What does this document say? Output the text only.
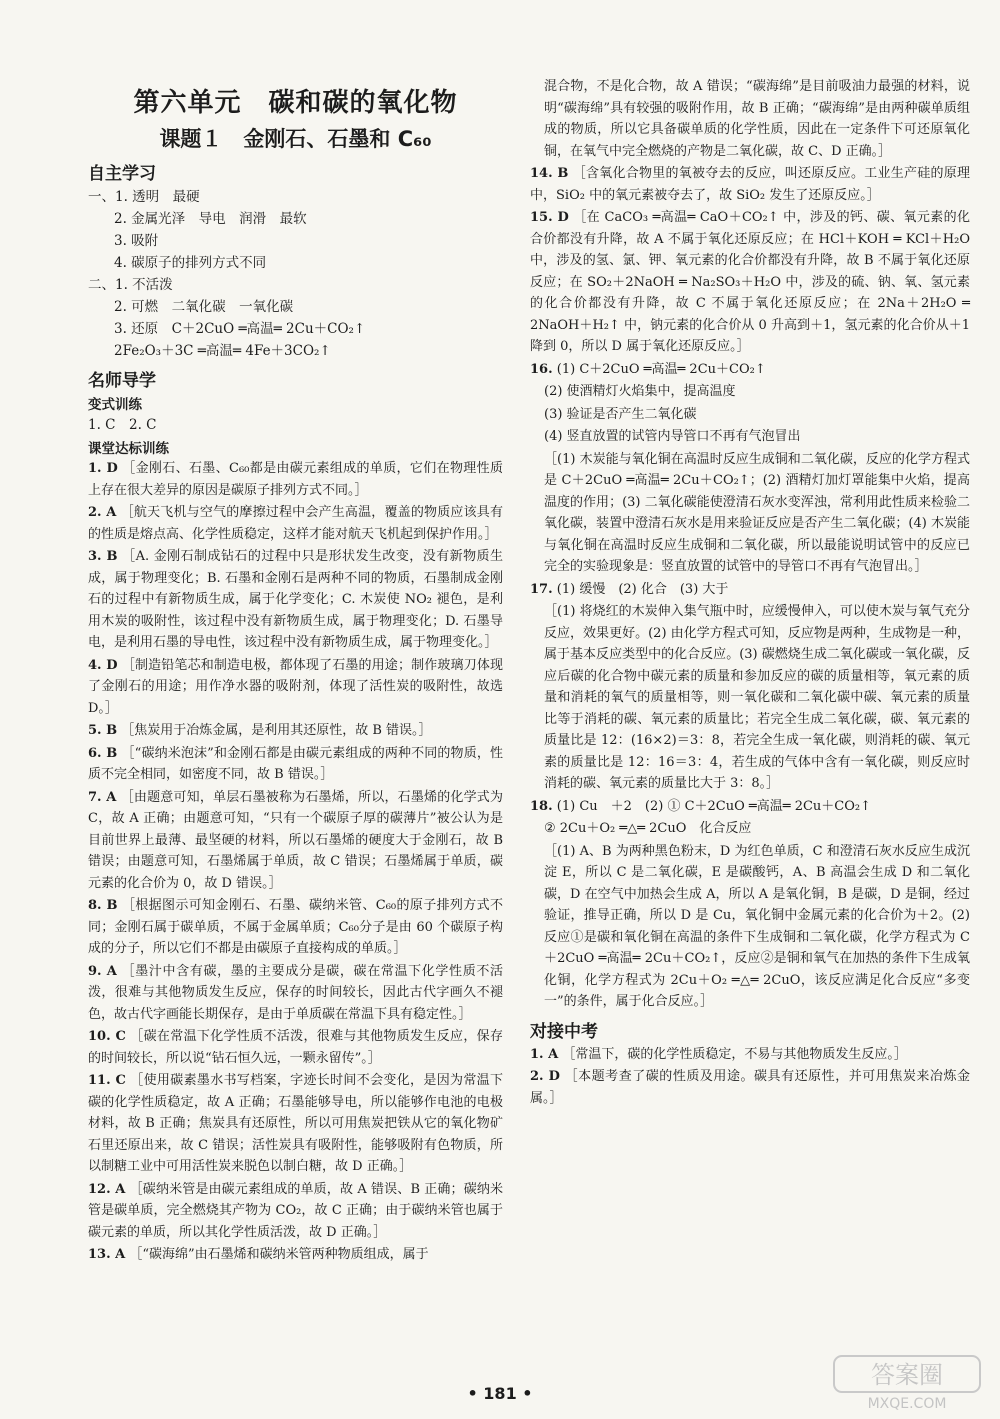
第六单元　碳和碳的氧化物
课题１　金刚石、石墨和 C₆₀
自主学习

一、1. 透明　最硬

2. 金属光泽　导电　润滑　最软

3. 吸附

4. 碳原子的排列方式不同

二、1. 不活泼

2. 可燃　二氧化碳　一氧化碳

3. 还原　C＋2CuO ═高温═ 2Cu＋CO₂↑

2Fe₂O₃＋3C ═高温═ 4Fe＋3CO₂↑

名师导学
变式训练

1. C　2. C

课堂达标训练

1. D ［金刚石、石墨、C₆₀都是由碳元素组成的单质，它们在物理性质上存在很大差异的原因是碳原子排列方式不同。］

2. A ［航天飞机与空气的摩擦过程中会产生高温，覆盖的物质应该具有的性质是熔点高、化学性质稳定，这样才能对航天飞机起到保护作用。］

3. B ［A. 金刚石制成钻石的过程中只是形状发生改变，没有新物质生成，属于物理变化；B. 石墨和金刚石是两种不同的物质，石墨制成金刚石的过程中有新物质生成，属于化学变化；C. 木炭使 NO₂ 褪色，是利用木炭的吸附性，该过程中没有新物质生成，属于物理变化；D. 石墨导电，是利用石墨的导电性，该过程中没有新物质生成，属于物理变化。］

4. D ［制造铅笔芯和制造电极，都体现了石墨的用途；制作玻璃刀体现了金刚石的用途；用作净水器的吸附剂，体现了活性炭的吸附性，故选 D。］

5. B ［焦炭用于冶炼金属，是利用其还原性，故 B 错误。］

6. B ［“碳纳米泡沫”和金刚石都是由碳元素组成的两种不同的物质，性质不完全相同，如密度不同，故 B 错误。］

7. A ［由题意可知，单层石墨被称为石墨烯，所以，石墨烯的化学式为 C，故 A 正确；由题意可知，“只有一个碳原子厚的碳薄片”被公认为是目前世界上最薄、最坚硬的材料，所以石墨烯的硬度大于金刚石，故 B 错误；由题意可知，石墨烯属于单质，故 C 错误；石墨烯属于单质，碳元素的化合价为 0，故 D 错误。］

8. B ［根据图示可知金刚石、石墨、碳纳米管、C₆₀的原子排列方式不同；金刚石属于碳单质，不属于金属单质；C₆₀分子是由 60 个碳原子构成的分子，所以它们不都是由碳原子直接构成的单质。］

9. A ［墨汁中含有碳，墨的主要成分是碳，碳在常温下化学性质不活泼，很难与其他物质发生反应，保存的时间较长，因此古代字画久不褪色，故古代字画能长期保存，是由于单质碳在常温下具有稳定性。］

10. C ［碳在常温下化学性质不活泼，很难与其他物质发生反应，保存的时间较长，所以说“钻石恒久远，一颗永留传”。］

11. C ［使用碳素墨水书写档案，字迹长时间不会变化，是因为常温下碳的化学性质稳定，故 A 正确；石墨能够导电，所以能够作电池的电极材料，故 B 正确；焦炭具有还原性，所以可用焦炭把铁从它的氧化物矿石里还原出来，故 C 错误；活性炭具有吸附性，能够吸附有色物质，所以制糖工业中可用活性炭来脱色以制白糖，故 D 正确。］

12. A ［碳纳米管是由碳元素组成的单质，故 A 错误、B 正确；碳纳米管是碳单质，完全燃烧其产物为 CO₂，故 C 正确；由于碳纳米管也属于碳元素的单质，所以其化学性质活泼，故 D 正确。］

13. A ［“碳海绵”由石墨烯和碳纳米管两种物质组成，属于

混合物，不是化合物，故 A 错误；“碳海绵”是目前吸油力最强的材料，说明“碳海绵”具有较强的吸附作用，故 B 正确；“碳海绵”是由两种碳单质组成的物质，所以它具备碳单质的化学性质，因此在一定条件下可还原氧化铜，在氧气中完全燃烧的产物是二氧化碳，故 C、D 正确。］

14. B ［含氧化合物里的氧被夺去的反应，叫还原反应。工业生产硅的原理中，SiO₂ 中的氧元素被夺去了，故 SiO₂ 发生了还原反应。］

15. D ［在 CaCO₃ ═高温═ CaO＋CO₂↑ 中，涉及的钙、碳、氧元素的化合价都没有升降，故 A 不属于氧化还原反应；在 HCl＋KOH ═ KCl＋H₂O 中，涉及的氢、氯、钾、氧元素的化合价都没有升降，故 B 不属于氧化还原反应；在 SO₂＋2NaOH ═ Na₂SO₃＋H₂O 中，涉及的硫、钠、氧、氢元素的化合价都没有升降，故 C 不属于氧化还原反应；在 2Na＋2H₂O ═ 2NaOH＋H₂↑ 中，钠元素的化合价从 0 升高到＋1，氢元素的化合价从＋1 降到 0，所以 D 属于氧化还原反应。］

16. (1) C＋2CuO ═高温═ 2Cu＋CO₂↑

(2) 使酒精灯火焰集中，提高温度

(3) 验证是否产生二氧化碳

(4) 竖直放置的试管内导管口不再有气泡冒出

［(1) 木炭能与氧化铜在高温时反应生成铜和二氧化碳，反应的化学方程式是 C＋2CuO ═高温═ 2Cu＋CO₂↑；(2) 酒精灯加灯罩能集中火焰，提高温度的作用；(3) 二氧化碳能使澄清石灰水变浑浊，常利用此性质来检验二氧化碳，装置中澄清石灰水是用来验证反应是否产生二氧化碳；(4) 木炭能与氧化铜在高温时反应生成铜和二氧化碳，所以最能说明试管中的反应已完全的实验现象是：竖直放置的试管中的导管口不再有气泡冒出。］

17. (1) 缓慢　(2) 化合　(3) 大于

［(1) 将烧红的木炭伸入集气瓶中时，应缓慢伸入，可以使木炭与氧气充分反应，效果更好。(2) 由化学方程式可知，反应物是两种，生成物是一种，属于基本反应类型中的化合反应。(3) 碳燃烧生成二氧化碳或一氧化碳，反应后碳的化合物中碳元素的质量和参加反应的碳的质量相等，氧元素的质量和消耗的氧气的质量相等，则一氧化碳和二氧化碳中碳、氧元素的质量比等于消耗的碳、氧元素的质量比；若完全生成二氧化碳，碳、氧元素的质量比是 12：(16×2)＝3：8，若完全生成一氧化碳，则消耗的碳、氧元素的质量比是 12：16＝3：4，若生成的气体中含有一氧化碳，则反应时消耗的碳、氧元素的质量比大于 3：8。］

18. (1) Cu　＋2　(2) ① C＋2CuO ═高温═ 2Cu＋CO₂↑

② 2Cu＋O₂ ═△═ 2CuO　化合反应

［(1) A、B 为两种黑色粉末，D 为红色单质，C 和澄清石灰水反应生成沉淀 E，所以 C 是二氧化碳，E 是碳酸钙，A、B 高温会生成 D 和二氧化碳，D 在空气中加热会生成 A，所以 A 是氧化铜，B 是碳，D 是铜，经过验证，推导正确，所以 D 是 Cu，氧化铜中金属元素的化合价为＋2。(2) 反应①是碳和氧化铜在高温的条件下生成铜和二氧化碳，化学方程式为 C＋2CuO ═高温═ 2Cu＋CO₂↑，反应②是铜和氧气在加热的条件下生成氧化铜，化学方程式为 2Cu＋O₂ ═△═ 2CuO，该反应满足化合反应“多变一”的条件，属于化合反应。］

对接中考

1. A ［常温下，碳的化学性质稳定，不易与其他物质发生反应。］

2. D ［本题考查了碳的性质及用途。碳具有还原性，并可用焦炭来冶炼金属。］

• 181 •
答案圈
MXQE.COM
